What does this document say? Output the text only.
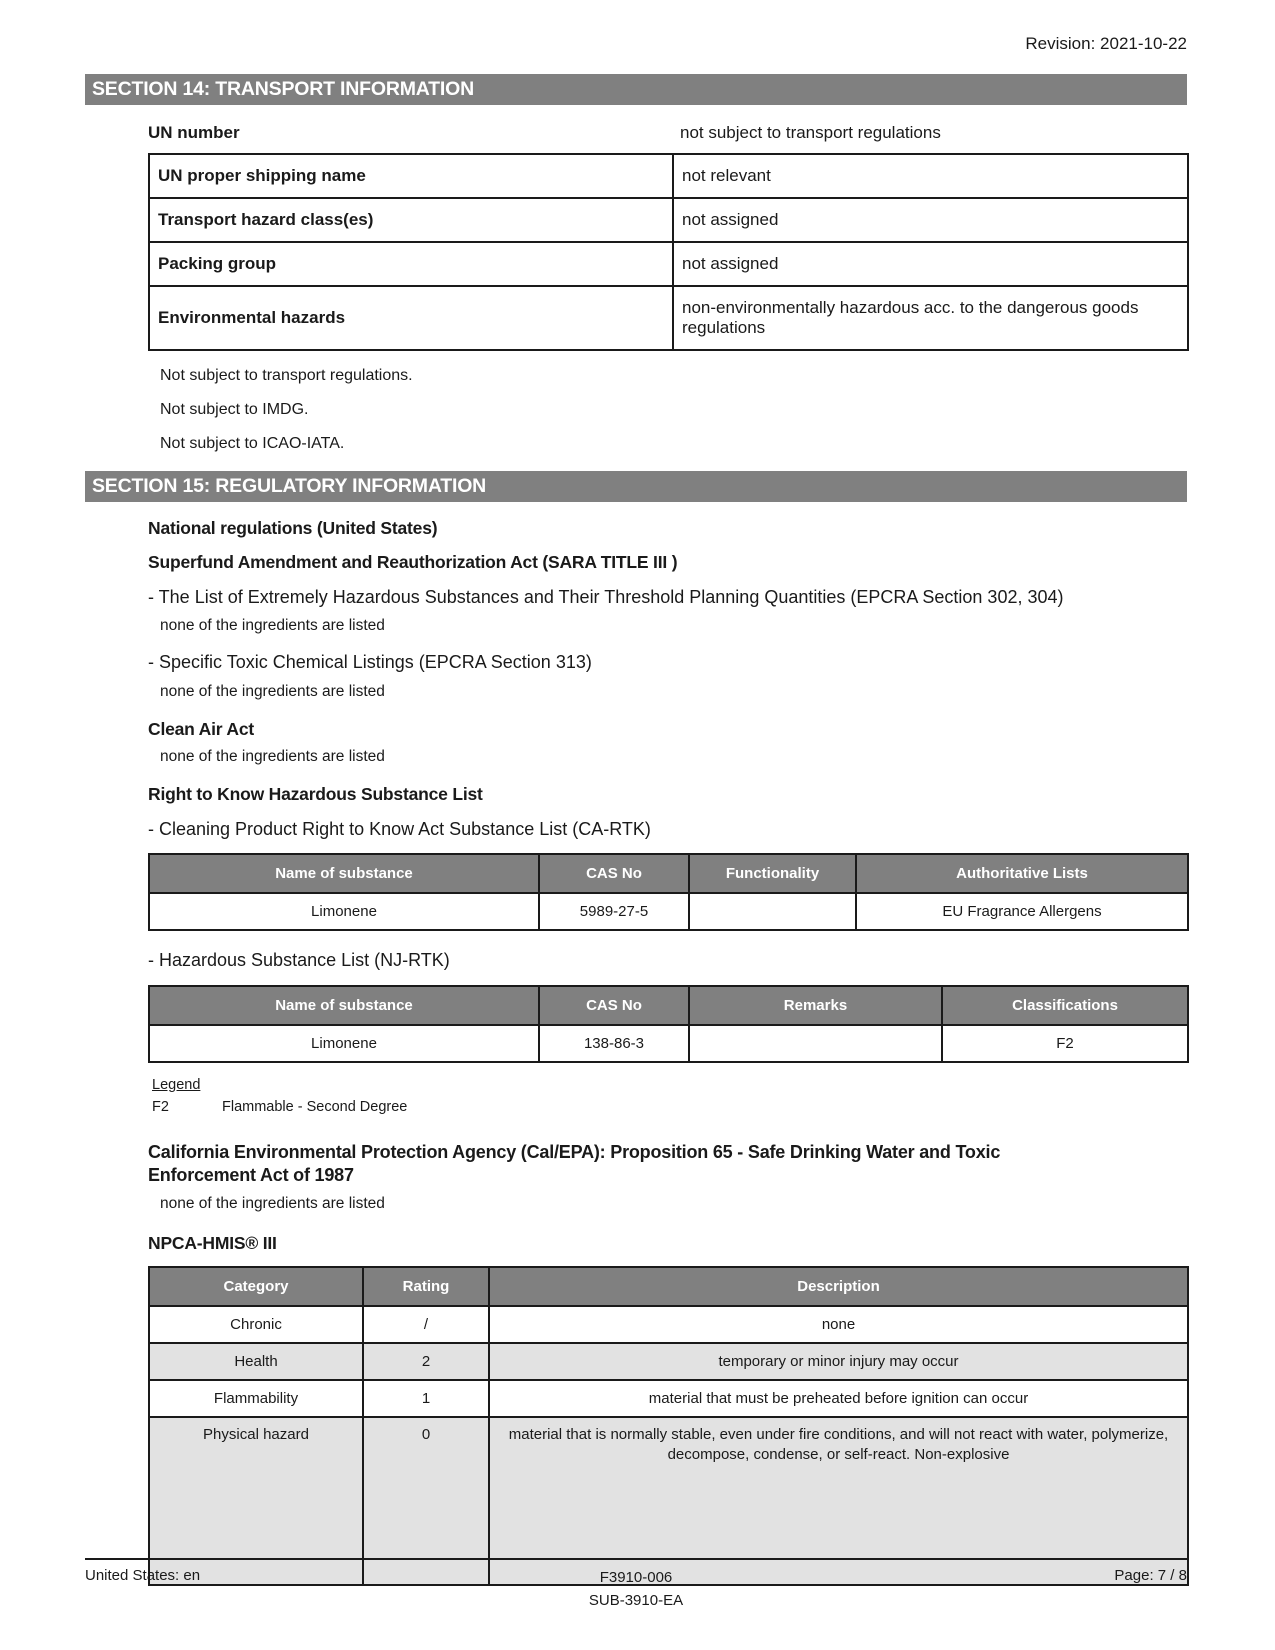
Revision: 2021-10-22
SECTION 14: TRANSPORT INFORMATION
UN number	not subject to transport regulations
UN proper shipping name	not relevant
Transport hazard class(es)	not assigned
Packing group	not assigned
Environmental hazards	non-environmentally hazardous acc. to the dangerous goods regulations

Not subject to transport regulations.

Not subject to IMDG.

Not subject to ICAO-IATA.

SECTION 15: REGULATORY INFORMATION
National regulations (United States)
Superfund Amendment and Reauthorization Act (SARA TITLE III )

- The List of Extremely Hazardous Substances and Their Threshold Planning Quantities (EPCRA Section 302, 304)

none of the ingredients are listed

- Specific Toxic Chemical Listings (EPCRA Section 313)

none of the ingredients are listed

Clean Air Act

none of the ingredients are listed

Right to Know Hazardous Substance List

- Cleaning Product Right to Know Act Substance List (CA-RTK)

Name of substance	CAS No	Functionality	Authoritative Lists
Limonene	5989-27-5		EU Fragrance Allergens

- Hazardous Substance List (NJ-RTK)

Name of substance	CAS No	Remarks	Classifications
Limonene	138-86-3		F2
Legend
F2	Flammable - Second Degree
California Environmental Protection Agency (Cal/EPA): Proposition 65 - Safe Drinking Water and Toxic Enforcement Act of 1987

none of the ingredients are listed

NPCA-HMIS® III
Category	Rating	Description
Chronic	/	none
Health	2	temporary or minor injury may occur
Flammability	1	material that must be preheated before ignition can occur
Physical hazard	0	material that is normally stable, even under fire conditions, and will not react with water, polymerize, decompose, condense, or self-react. Non-explosive
United States: en	F3910-006
SUB-3910-EA
Page: 7 / 8
